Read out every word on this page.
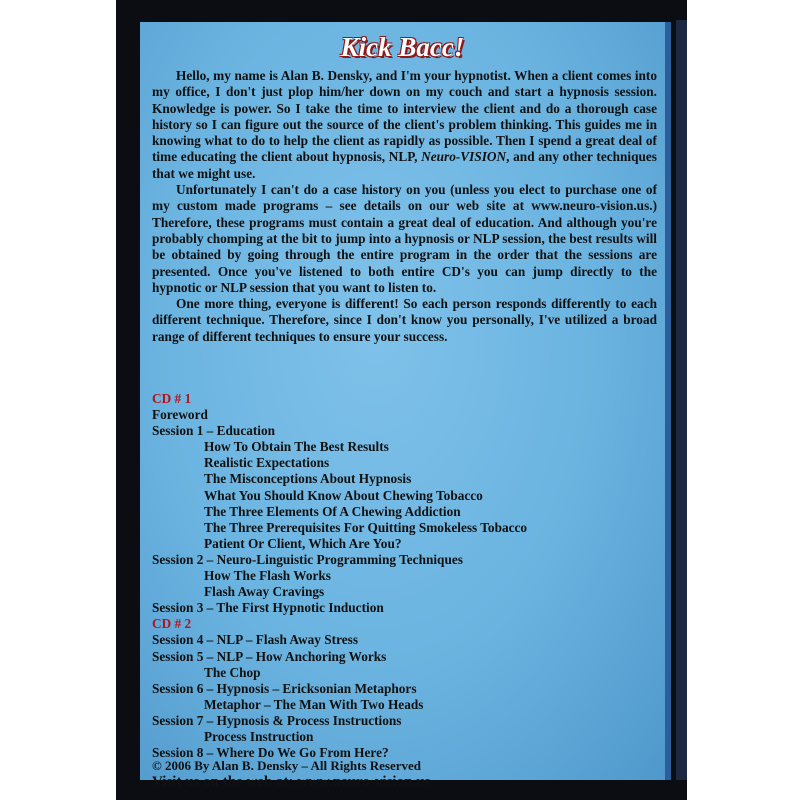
Kick Bacc!

Hello, my name is Alan B. Densky, and I'm your hypnotist. When a client comes into my office, I don't just plop him/her down on my couch and start a hypnosis session. Knowledge is power. So I take the time to interview the client and do a thorough case history so I can figure out the source of the client's problem thinking. This guides me in knowing what to do to help the client as rapidly as possible. Then I spend a great deal of time educating the client about hypnosis, NLP, Neuro-VISION, and any other techniques that we might use.

Unfortunately I can't do a case history on you (unless you elect to purchase one of my custom made programs – see details on our web site at www.neuro-vision.us.) Therefore, these programs must contain a great deal of education. And although you're probably chomping at the bit to jump into a hypnosis or NLP session, the best results will be obtained by going through the entire program in the order that the sessions are presented. Once you've listened to both entire CD's you can jump directly to the hypnotic or NLP session that you want to listen to.

One more thing, everyone is different! So each person responds differently to each different technique. Therefore, since I don't know you personally, I've utilized a broad range of different techniques to ensure your success.

CD # 1
Foreword
Session 1 – Education
How To Obtain The Best Results
Realistic Expectations
The Misconceptions About Hypnosis
What You Should Know About Chewing Tobacco
The Three Elements Of A Chewing Addiction
The Three Prerequisites For Quitting Smokeless Tobacco
Patient Or Client, Which Are You?
Session 2 – Neuro-Linguistic Programming Techniques
How The Flash Works
Flash Away Cravings
Session 3 – The First Hypnotic Induction
CD # 2
Session 4 – NLP – Flash Away Stress
Session 5 – NLP – How Anchoring Works
The Chop
Session 6 – Hypnosis – Ericksonian Metaphors
Metaphor – The Man With Two Heads
Session 7 – Hypnosis & Process Instructions
Process Instruction
Session 8 – Where Do We Go From Here?
© 2006 By Alan B. Densky – All Rights Reserved
Visit us on the web at: www.neuro-vision.us
